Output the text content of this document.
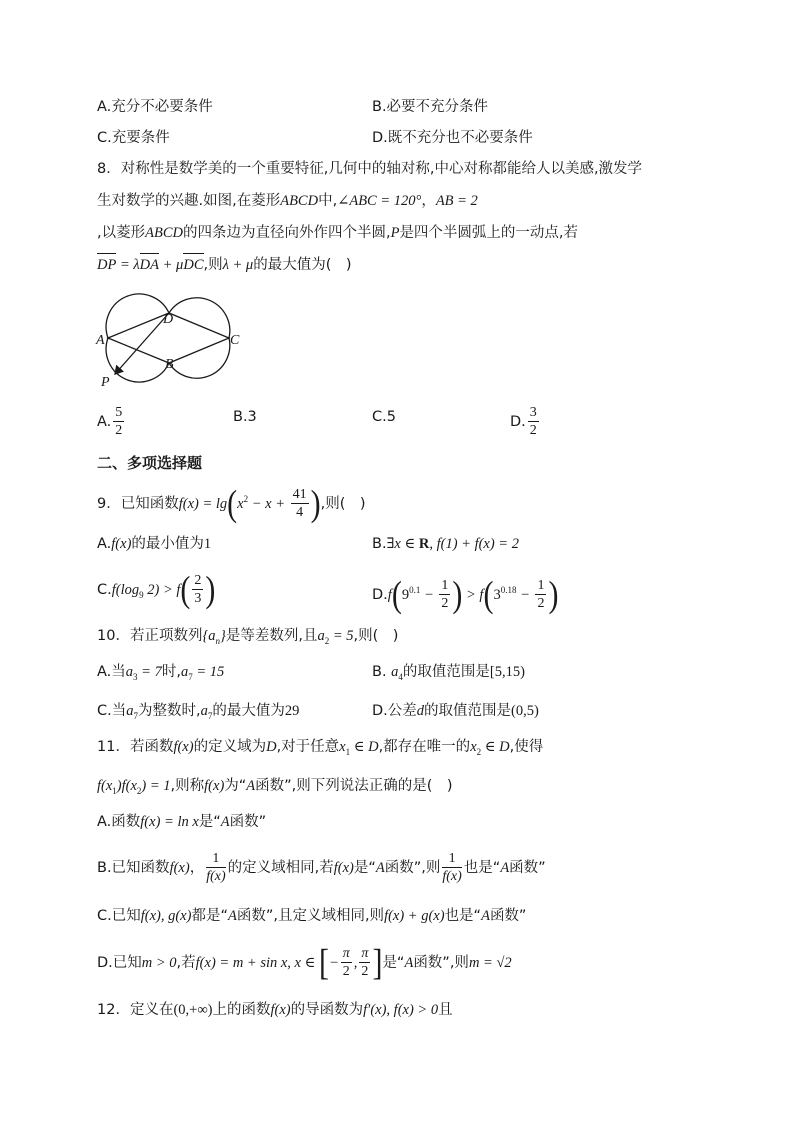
A.充分不必要条件	B.必要不充分条件
C.充要条件	D.既不充分也不必要条件
8．对称性是数学美的一个重要特征,几何中的轴对称,中心对称都能给人以美感,激发学
生对数学的兴趣.如图,在菱形ABCD中,∠ABC = 120°，AB = 2
,以菱形ABCD的四条边为直径向外作四个半圆,P是四个半圆弧上的一动点,若
DP = λDA + μDC,则λ + μ的最大值为(　)
A
D
C
B
P
A. $\frac{5}{2}$	B.3	C.5	D. $\frac{3}{2}$
二、多项选择题
9．已知函数$f(x) = \lg(x^2 - x + \frac{41}{4}$ ),则(　)
A.f(x)的最小值为1	B.∃x ∈ R, f(1) + f(x) = 2
$C.f(\log_9$ $2) > f( \frac{2}{3}$ )	$D.f(9^{0.1} - \frac{1}{2}$ ) > $f(3^{0.18} - \frac{1}{2}$ )
10．若正项数列$\{a_n\}$是等差数列,且$a_2 = 5$,则(　)
A.当$a_3 = 7$时$,a_7 = 15$	B. $a_4$的取值范围是[5,15)
C.当$a_7$为整数时$,a_7$的最大值为29	D.公差d的取值范围是(0,5)
11．若函数f(x)的定义域为D,对于任意$x_1$ ∈ D,都存在唯一的$x_2$ ∈ D,使得
$f(x_1)f(x_2) = 1$,则称f(x)为“A函数”,则下列说法正确的是(　)
A.函数f(x) = ln x是“A函数”
B.已知函数f(x)， $\frac{1}{f(x)}$ 的定义域相同,若f(x)是“A函数”,则 $\frac{1}{f(x)}$ 也是“A函数”
C.已知f(x), g(x)都是“A函数”,且定义域相同,则f(x) + g(x)也是“A函数”
D.已知m > 0,若f(x) = m + sin x, x ∈ [− $\frac{\pi}{2}$ , $\frac{\pi}{2}$ ]是“A函数”,则m = √2
12．定义在(0,+∞)上的函数f(x)的导函数为f′(x), f(x) > 0且
